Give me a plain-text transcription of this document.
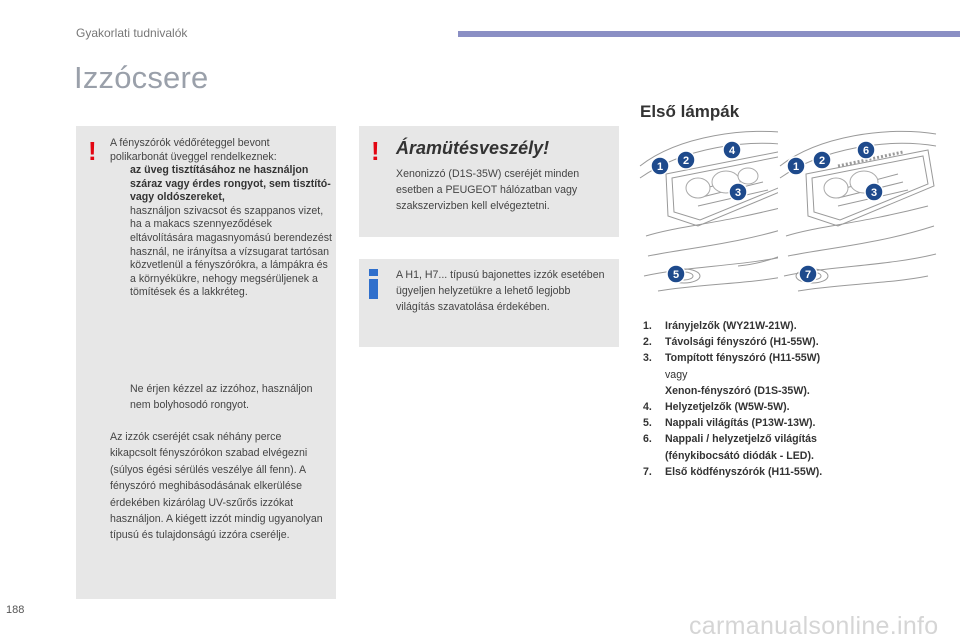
Gyakorlati tudnivalók
Izzócsere
! A fényszórók védőréteggel bevont polikarbonát üveggel rendelkeznek:
az üveg tisztításához ne használjon száraz vagy érdes rongyot, sem tisztító- vagy oldószereket,
használjon szivacsot és szappanos vizet,
ha a makacs szennyeződések eltávolítására magasnyomású berendezést használ, ne irányítsa a vízsugarat tartósan közvetlenül a fényszórókra, a lámpákra és a környékükre, nehogy megsérüljenek a tömítések és a lakkréteg.
Ne érjen kézzel az izzóhoz, használjon nem bolyhosodó rongyot.
Az izzók cseréjét csak néhány perce kikapcsolt fényszórókon szabad elvégezni (súlyos égési sérülés veszélye áll fenn). A fényszóró meghibásodásának elkerülése érdekében kizárólag UV-szűrős izzókat használjon. A kiégett izzót mindig ugyanolyan típusú és tulajdonságú izzóra cserélje.
! Áramütésveszély!
Xenonizzó (D1S-35W) cseréjét minden esetben a PEUGEOT hálózatban vagy szakszervizben kell elvégeztetni.
A H1, H7... típusú bajonettes izzók esetében ügyeljen helyzetükre a lehető legjobb világítás szavatolása érdekében.
Első lámpák
1 2
4
3
5
1 2
6
3
7
1. Irányjelzők (WY21W-21W).
2. Távolsági fényszóró (H1-55W).
3. Tompított fényszóró (H11-55W)
vagy
Xenon-fényszóró (D1S-35W).
4. Helyzetjelzők (W5W-5W).
5. Nappali világítás (P13W-13W).
6. Nappali / helyzetjelző világítás (fénykibocsátó diódák - LED).
7. Első ködfényszórók (H11-55W).
188
carmanualsonline.info
